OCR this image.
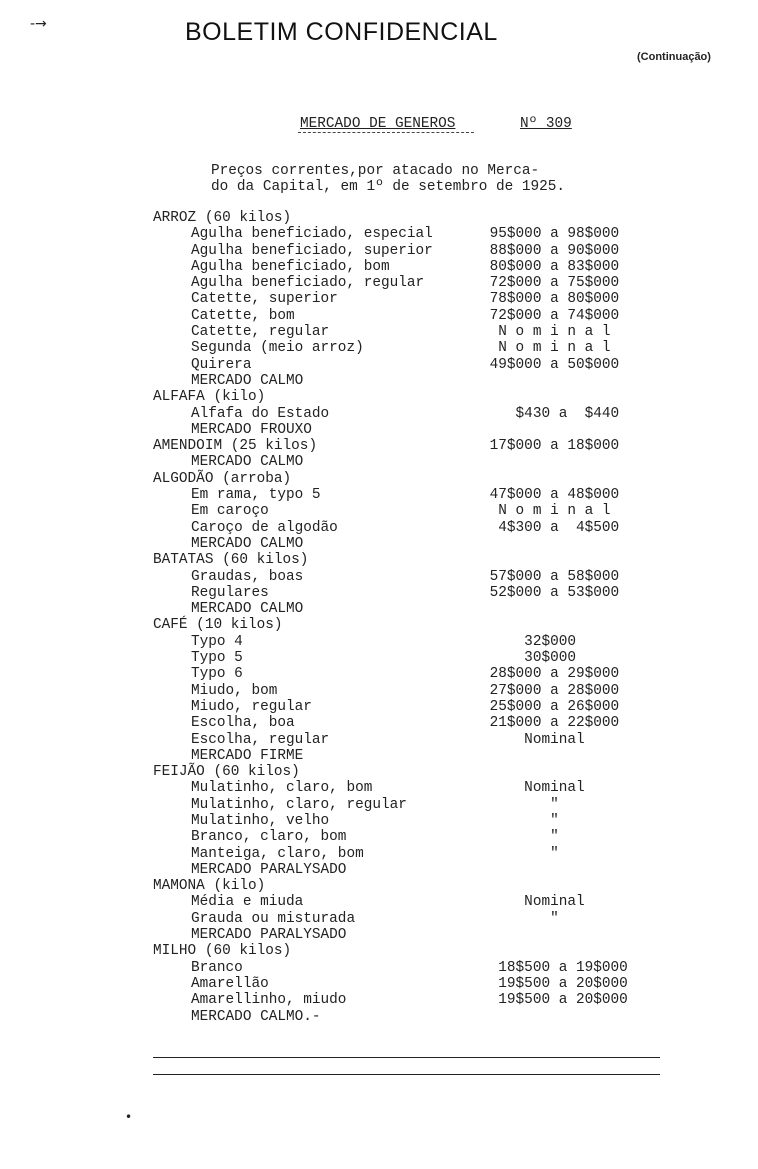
-→	BOLETIM CONFIDENCIAL
(Continuação)
MERCADO DE GENEROS	Nº 309
Preços correntes,por atacado no Merca-
do da Capital, em 1º de setembro de 1925.
ARROZ (60 kilos)
Agulha beneficiado, especial	95$000 a 98$000
Agulha beneficiado, superior	88$000 a 90$000
Agulha beneficiado, bom	80$000 a 83$000
Agulha beneficiado, regular	72$000 a 75$000
Catette, superior	78$000 a 80$000
Catette, bom	72$000 a 74$000
Catette, regular	N o m i n a l
Segunda (meio arroz)	N o m i n a l
Quirera	49$000 a 50$000
MERCADO CALMO
ALFAFA (kilo)
Alfafa do Estado	$430 a  $440
MERCADO FROUXO
AMENDOIM (25 kilos)	17$000 a 18$000
MERCADO CALMO
ALGODÃO (arroba)
Em rama, typo 5	47$000 a 48$000
Em caroço	N o m i n a l
Caroço de algodão	4$300 a  4$500
MERCADO CALMO
BATATAS (60 kilos)
Graudas, boas	57$000 a 58$000
Regulares	52$000 a 53$000
MERCADO CALMO
CAFÉ (10 kilos)
Typo 4	32$000
Typo 5	30$000
Typo 6	28$000 a 29$000
Miudo, bom	27$000 a 28$000
Miudo, regular	25$000 a 26$000
Escolha, boa	21$000 a 22$000
Escolha, regular	Nominal
MERCADO FIRME
FEIJÃO (60 kilos)
Mulatinho, claro, bom	Nominal
Mulatinho, claro, regular	"
Mulatinho, velho	"
Branco, claro, bom	"
Manteiga, claro, bom	"
MERCADO PARALYSADO
MAMONA (kilo)
Média e miuda	Nominal
Grauda ou misturada	"
MERCADO PARALYSADO
MILHO (60 kilos)
Branco	18$500 a 19$000
Amarellão	19$500 a 20$000
Amarellinho, miudo	19$500 a 20$000
MERCADO CALMO.-
•
